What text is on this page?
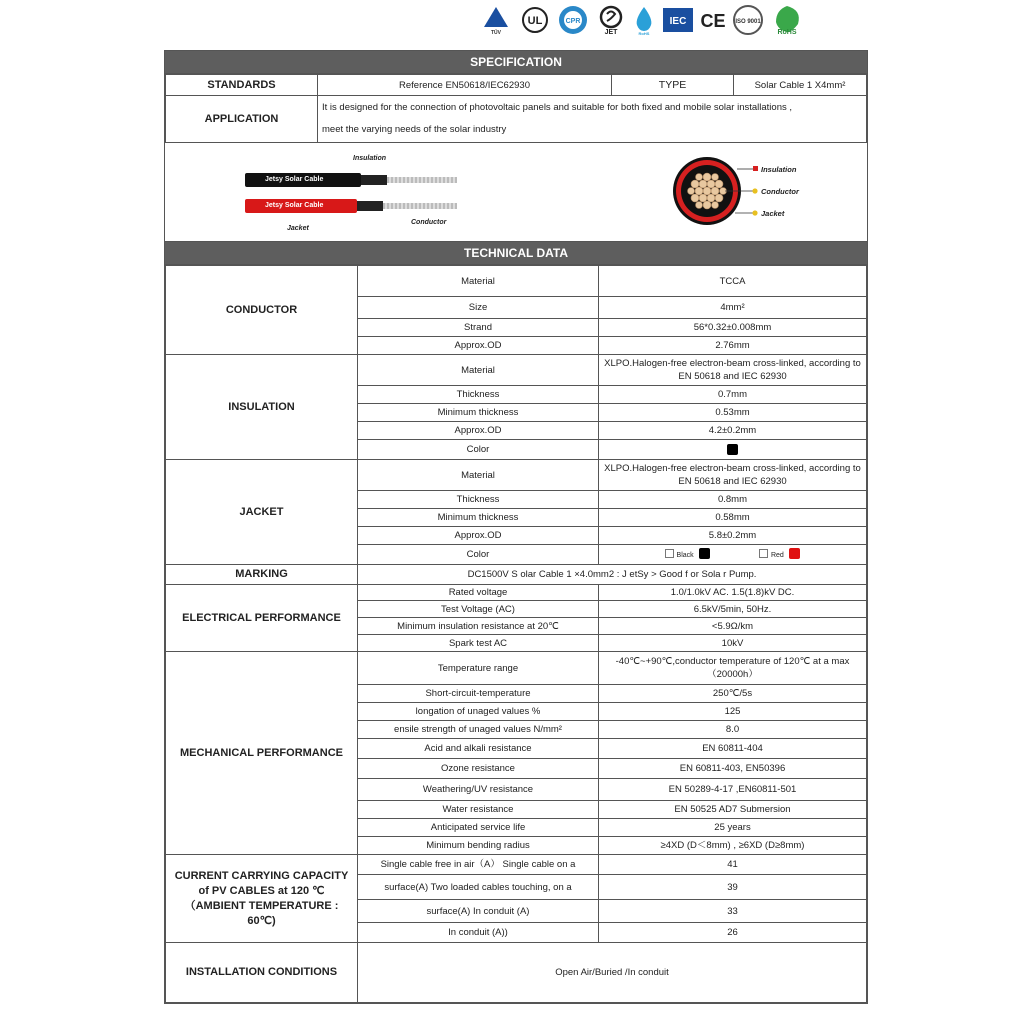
TÜV
UL	CPR
JET	RoHS
IEC CE ISO 9001
RoHS
SPECIFICATION
STANDARDS	Reference EN50618/IEC62930	TYPE	Solar Cable 1 X4mm²
APPLICATION	It is designed for the connection of photovoltaic panels and suitable for both fixed and mobile solar installations ,
meet the varying needs of the solar industry		
Jetsy Solar Cable
Jetsy Solar Cable
Insulation
Jacket
Conductor
Insulation
Conductor
Jacket
TECHNICAL DATA
CONDUCTOR	Material	TCCA
	Size	4mm²
	Strand	56*0.32±0.008mm
	Approx.OD	2.76mm
INSULATION	Material	XLPO.Halogen-free electron-beam cross-linked, according to EN 50618 and IEC 62930
	Thickness	0.7mm
	Minimum thickness	0.53mm
	Approx.OD	4.2±0.2mm
	Color	
JACKET	Material	XLPO.Halogen-free electron-beam cross-linked, according to EN 50618 and IEC 62930
	Thickness	0.8mm
	Minimum thickness	0.58mm
	Approx.OD	5.8±0.2mm
	Color	Black Red
MARKING	DC1500V S olar Cable 1 ×4.0mm2 : J etSy > Good f or Sola r Pump.	
ELECTRICAL PERFORMANCE	Rated voltage	1.0/1.0kV AC. 1.5(1.8)kV DC.
	Test Voltage (AC)	6.5kV/5min, 50Hz.
	Minimum insulation resistance at 20℃	<5.9Ω/km
	Spark test AC	10kV
MECHANICAL PERFORMANCE	Temperature range	-40℃~+90℃,conductor temperature of 120℃ at a max （20000h）
	Short-circuit-temperature	250℃/5s
	longation of unaged values %	125
	ensile strength of unaged values N/mm²	8.0
	Acid and alkali resistance	EN 60811-404
	Ozone resistance	EN 60811-403, EN50396
	Weathering/UV resistance	EN 50289-4-17 ,EN60811-501
	Water resistance	EN 50525 AD7 Submersion
	Anticipated service life	25 years
	Minimum bending radius	≥4XD (D＜8mm) , ≥6XD (D≥8mm)
CURRENT CARRYING CAPACITY of PV CABLES at 120 ℃（AMBIENT TEMPERATURE : 60℃)	Single cable free in air（A） Single cable on a	41
	surface(A) Two loaded cables touching, on a	39
	surface(A) In conduit (A)	33
	In conduit (A))	26
INSTALLATION CONDITIONS	Open Air/Buried /In conduit	
